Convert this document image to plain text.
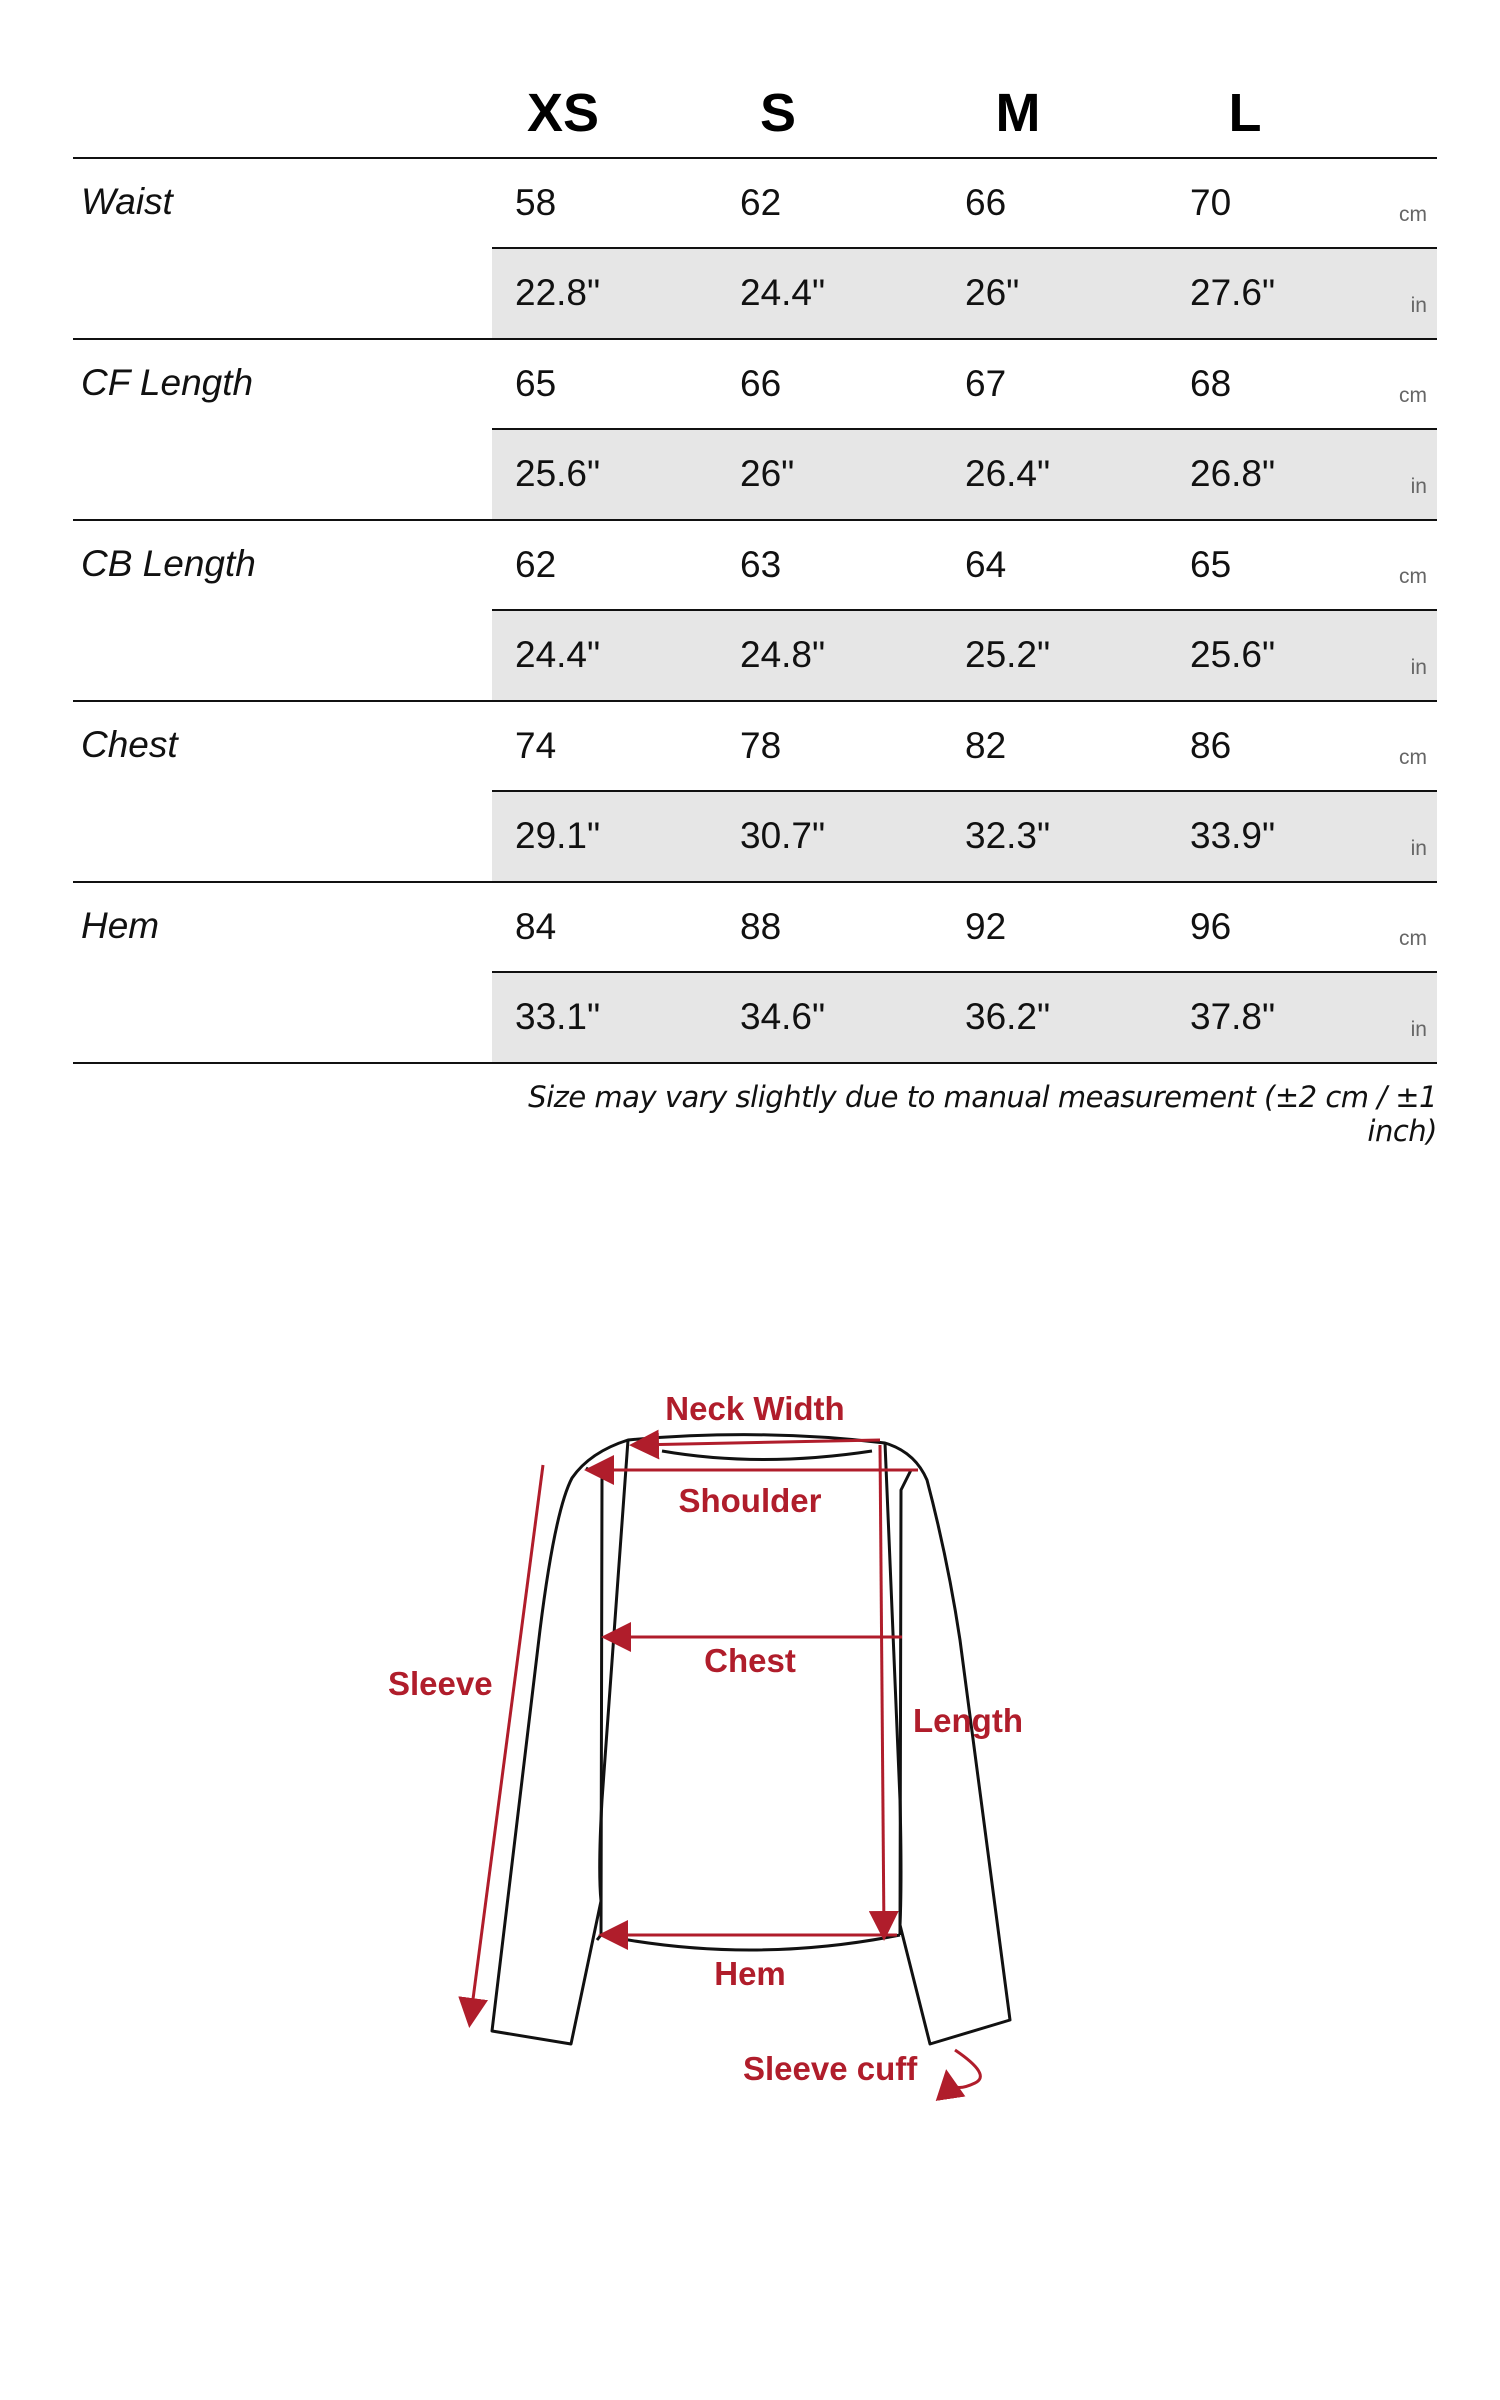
XS	S	M	L
Waist	58	62	66	70	cm
22.8"	24.4"	26"	27.6"	in
CF Length	65	66	67	68	cm
25.6"	26"	26.4"	26.8"	in
CB Length	62	63	64	65	cm
24.4"	24.8"	25.2"	25.6"	in
Chest	74	78	82	86	cm
29.1"	30.7"	32.3"	33.9"	in
Hem	84	88	92	96	cm
33.1"	34.6"	36.2"	37.8"	in
Size may vary slightly due to manual measurement (±2 cm / ±1 inch)
Neck Width
Shoulder
Chest
Length
Sleeve
Hem
Sleeve cuff
